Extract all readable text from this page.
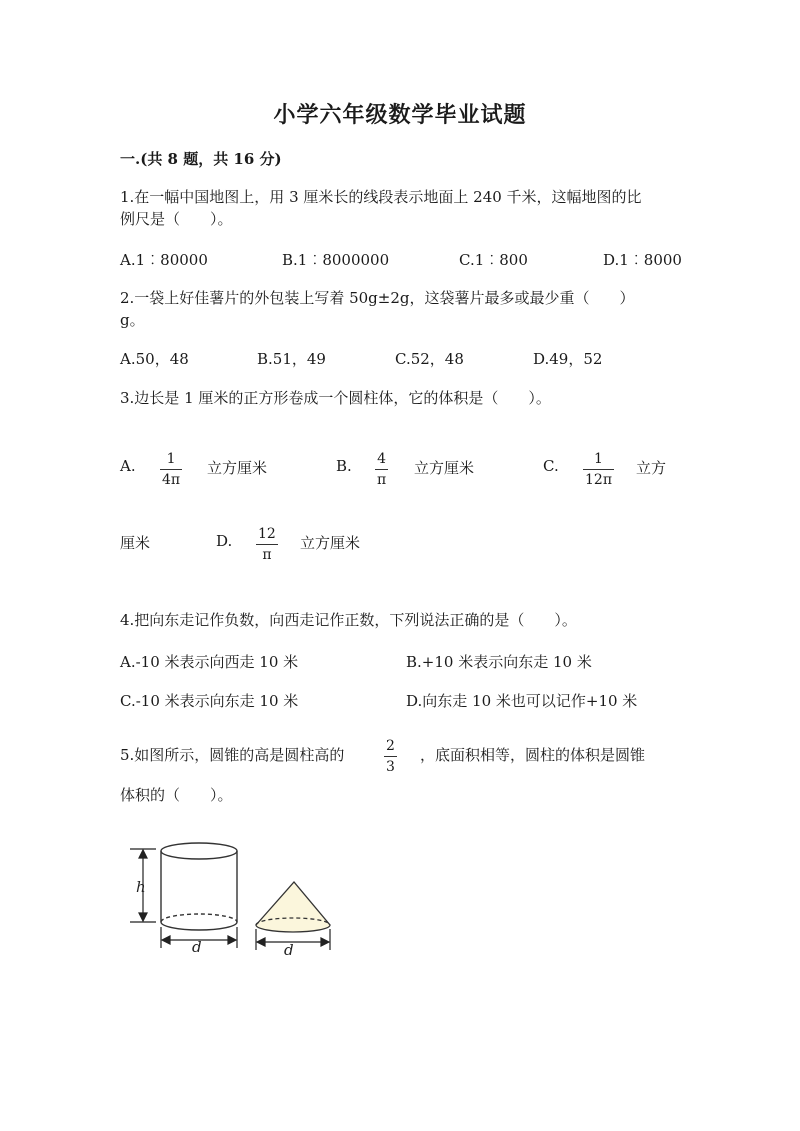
小学六年级数学毕业试题
一.(共 8 题，共 16 分)
1.在一幅中国地图上，用 3 厘米长的线段表示地面上 240 千米，这幅地图的比
例尺是（　　）。
A.1︰80000	B.1︰8000000	C.1︰800	D.1︰8000
2.一袋上好佳薯片的外包装上写着 50g±2g，这袋薯片最多或最少重（　　）
g。
A.50，48	B.51，49	C.52，48	D.49，52
3.边长是 1 厘米的正方形卷成一个圆柱体，它的体积是（　　）。
A. 1
4π
立方厘米	B. 4
π
立方厘米	C.	1
12π
立方
厘米	D. 12
π
立方厘米
4.把向东走记作负数，向西走记作正数，下列说法正确的是（　　）。
A.-10 米表示向西走 10 米	B.+10 米表示向东走 10 米
C.-10 米表示向东走 10 米	D.向东走 10 米也可以记作+10 米
5.如图所示，圆锥的高是圆柱高的	2
3
，底面积相等，圆柱的体积是圆锥
体积的（　　）。
h
d	d
